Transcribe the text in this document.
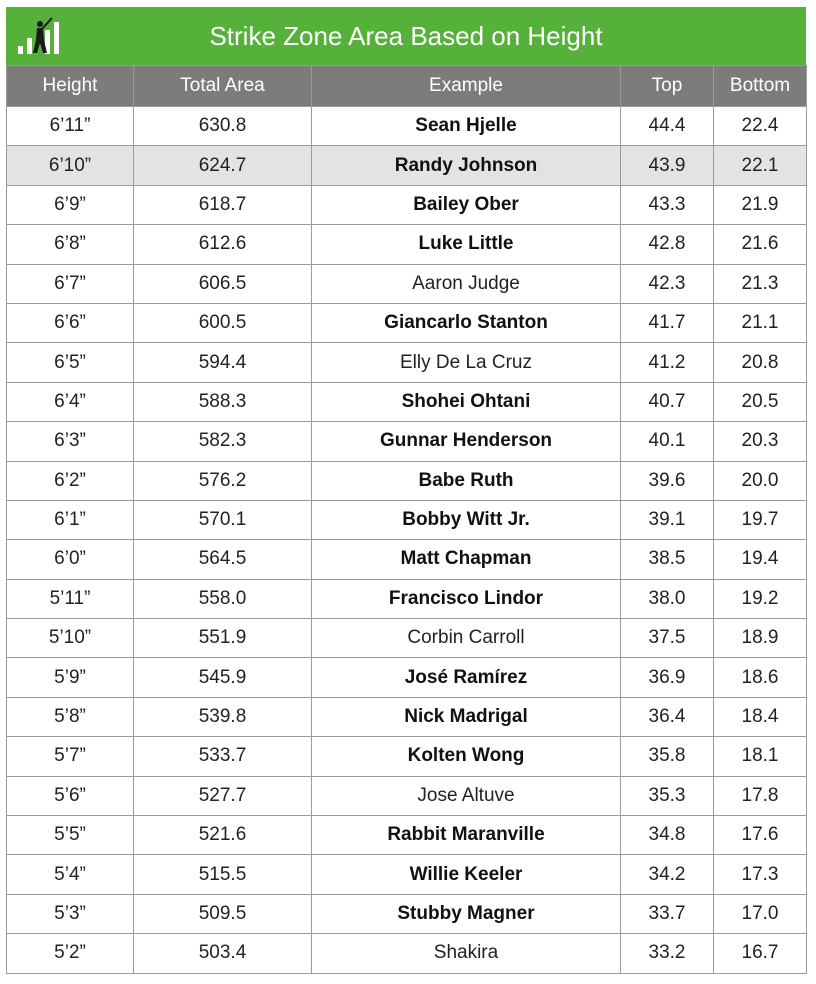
Strike Zone Area Based on Height
Height	Total Area	Example	Top	Bottom
6’11”	630.8	Sean Hjelle	44.4	22.4
6’10”	624.7	Randy Johnson	43.9	22.1
6’9”	618.7	Bailey Ober	43.3	21.9
6’8”	612.6	Luke Little	42.8	21.6
6’7”	606.5	Aaron Judge	42.3	21.3
6’6”	600.5	Giancarlo Stanton	41.7	21.1
6’5”	594.4	Elly De La Cruz	41.2	20.8
6’4”	588.3	Shohei Ohtani	40.7	20.5
6’3”	582.3	Gunnar Henderson	40.1	20.3
6’2”	576.2	Babe Ruth	39.6	20.0
6’1”	570.1	Bobby Witt Jr.	39.1	19.7
6’0”	564.5	Matt Chapman	38.5	19.4
5’11”	558.0	Francisco Lindor	38.0	19.2
5’10”	551.9	Corbin Carroll	37.5	18.9
5’9”	545.9	José Ramírez	36.9	18.6
5’8”	539.8	Nick Madrigal	36.4	18.4
5’7”	533.7	Kolten Wong	35.8	18.1
5’6”	527.7	Jose Altuve	35.3	17.8
5’5”	521.6	Rabbit Maranville	34.8	17.6
5’4”	515.5	Willie Keeler	34.2	17.3
5’3”	509.5	Stubby Magner	33.7	17.0
5’2”	503.4	Shakira	33.2	16.7
